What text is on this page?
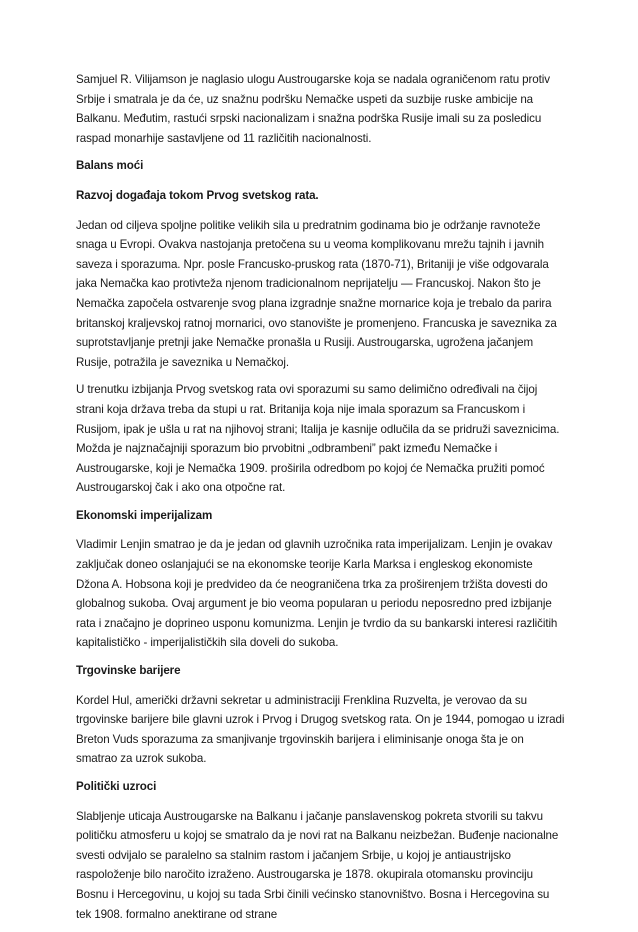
Samjuel R. Vilijamson je naglasio ulogu Austrougarske koja se nadala ograničenom ratu protiv Srbije i smatrala je da će, uz snažnu podršku Nemačke uspeti da suzbije ruske ambicije na Balkanu. Međutim, rastući srpski nacionalizam i snažna podrška Rusije imali su za posledicu raspad monarhije sastavljene od 11 različitih nacionalnosti.

Balans moći

Razvoj događaja tokom Prvog svetskog rata.

Jedan od ciljeva spoljne politike velikih sila u predratnim godinama bio je održanje ravnoteže snaga u Evropi. Ovakva nastojanja pretočena su u veoma komplikovanu mrežu tajnih i javnih saveza i sporazuma. Npr. posle Francusko-pruskog rata (1870-71), Britaniji je više odgovarala jaka Nemačka kao protivteža njenom tradicionalnom neprijatelju — Francuskoj. Nakon što je Nemačka započela ostvarenje svog plana izgradnje snažne mornarice koja je trebalo da parira britanskoj kraljevskoj ratnoj mornarici, ovo stanovište je promenjeno. Francuska je saveznika za suprotstavljanje pretnji jake Nemačke pronašla u Rusiji. Austrougarska, ugrožena jačanjem Rusije, potražila je saveznika u Nemačkoj.

U trenutku izbijanja Prvog svetskog rata ovi sporazumi su samo delimično određivali na čijoj strani koja država treba da stupi u rat. Britanija koja nije imala sporazum sa Francuskom i Rusijom, ipak je ušla u rat na njihovoj strani; Italija je kasnije odlučila da se pridruži saveznicima. Možda je najznačajniji sporazum bio prvobitni „odbrambeni” pakt između Nemačke i Austrougarske, koji je Nemačka 1909. proširila odredbom po kojoj će Nemačka pružiti pomoć Austrougarskoj čak i ako ona otpočne rat.

Ekonomski imperijalizam

Vladimir Lenjin smatrao je da je jedan od glavnih uzročnika rata imperijalizam. Lenjin je ovakav zaključak doneo oslanjajući se na ekonomske teorije Karla Marksa i engleskog ekonomiste Džona A. Hobsona koji je predvideo da će neograničena trka za proširenjem tržišta dovesti do globalnog sukoba. Ovaj argument je bio veoma popularan u periodu neposredno pred izbijanje rata i značajno je doprineo usponu komunizma. Lenjin je tvrdio da su bankarski interesi različitih kapitalističko - imperijalističkih sila doveli do sukoba.

Trgovinske barijere

Kordel Hul, američki državni sekretar u administraciji Frenklina Ruzvelta, je verovao da su trgovinske barijere bile glavni uzrok i Prvog i Drugog svetskog rata. On je 1944, pomogao u izradi Breton Vuds sporazuma za smanjivanje trgovinskih barijera i eliminisanje onoga šta je on smatrao za uzrok sukoba.

Politički uzroci

Slabljenje uticaja Austrougarske na Balkanu i jačanje panslavenskog pokreta stvorili su takvu političku atmosferu u kojoj se smatralo da je novi rat na Balkanu neizbežan. Buđenje nacionalne svesti odvijalo se paralelno sa stalnim rastom i jačanjem Srbije, u kojoj je antiaustrijsko raspoloženje bilo naročito izraženo. Austrougarska je 1878. okupirala otomansku provinciju Bosnu i Hercegovinu, u kojoj su tada Srbi činili većinsko stanovništvo. Bosna i Hercegovina su tek 1908. formalno anektirane od strane
